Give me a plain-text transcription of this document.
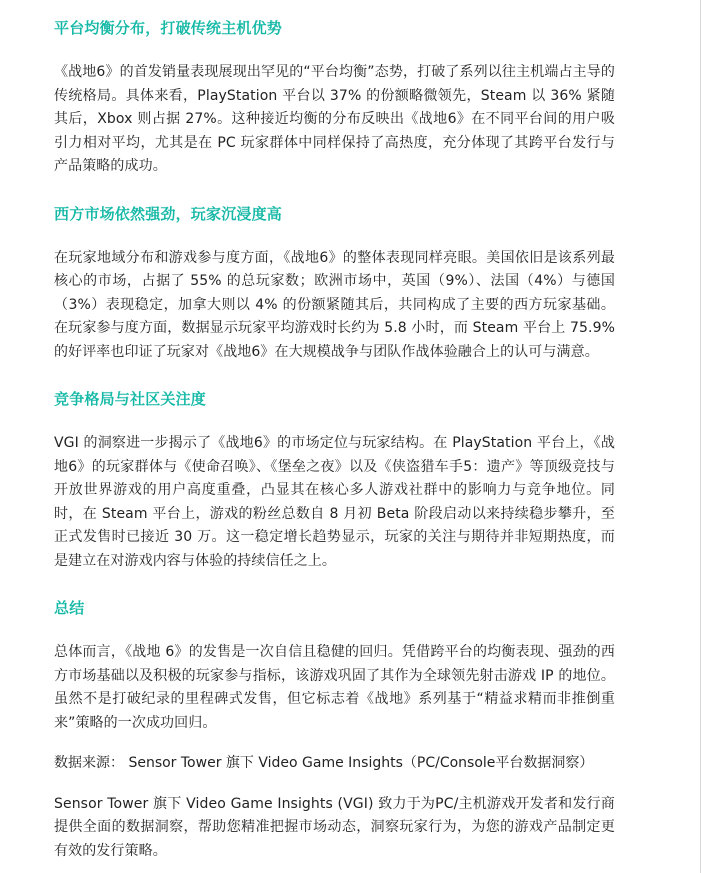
平台均衡分布，打破传统主机优势

《战地6》的首发销量表现展现出罕见的“平台均衡”态势，打破了系列以往主机端占主导的传统格局。具体来看，PlayStation 平台以 37% 的份额略微领先，Steam 以 36% 紧随其后，Xbox 则占据 27%。这种接近均衡的分布反映出《战地6》在不同平台间的用户吸引力相对平均，尤其是在 PC 玩家群体中同样保持了高热度，充分体现了其跨平台发行与产品策略的成功。

西方市场依然强劲，玩家沉浸度高

在玩家地域分布和游戏参与度方面，《战地6》的整体表现同样亮眼。美国依旧是该系列最核心的市场，占据了 55% 的总玩家数；欧洲市场中，英国（9%）、法国（4%）与德国（3%）表现稳定，加拿大则以 4% 的份额紧随其后，共同构成了主要的西方玩家基础。在玩家参与度方面，数据显示玩家平均游戏时长约为 5.8 小时，而 Steam 平台上 75.9% 的好评率也印证了玩家对《战地6》在大规模战争与团队作战体验融合上的认可与满意。

竞争格局与社区关注度

VGI 的洞察进一步揭示了《战地6》的市场定位与玩家结构。在 PlayStation 平台上，《战地6》的玩家群体与《使命召唤》、《堡垒之夜》以及《侠盗猎车手5：遗产》等顶级竞技与开放世界游戏的用户高度重叠，凸显其在核心多人游戏社群中的影响力与竞争地位。同时，在 Steam 平台上，游戏的粉丝总数自 8 月初 Beta 阶段启动以来持续稳步攀升，至正式发售时已接近 30 万。这一稳定增长趋势显示，玩家的关注与期待并非短期热度，而是建立在对游戏内容与体验的持续信任之上。

总结

总体而言，《战地 6》的发售是一次自信且稳健的回归。凭借跨平台的均衡表现、强劲的西方市场基础以及积极的玩家参与指标，该游戏巩固了其作为全球领先射击游戏 IP 的地位。虽然不是打破纪录的里程碑式发售，但它标志着《战地》系列基于“精益求精而非推倒重来”策略的一次成功回归。

数据来源： Sensor Tower 旗下 Video Game Insights（PC/Console平台数据洞察）

Sensor Tower 旗下 Video Game Insights (VGI) 致力于为PC/主机游戏开发者和发行商提供全面的数据洞察，帮助您精准把握市场动态，洞察玩家行为，为您的游戏产品制定更有效的发行策略。
